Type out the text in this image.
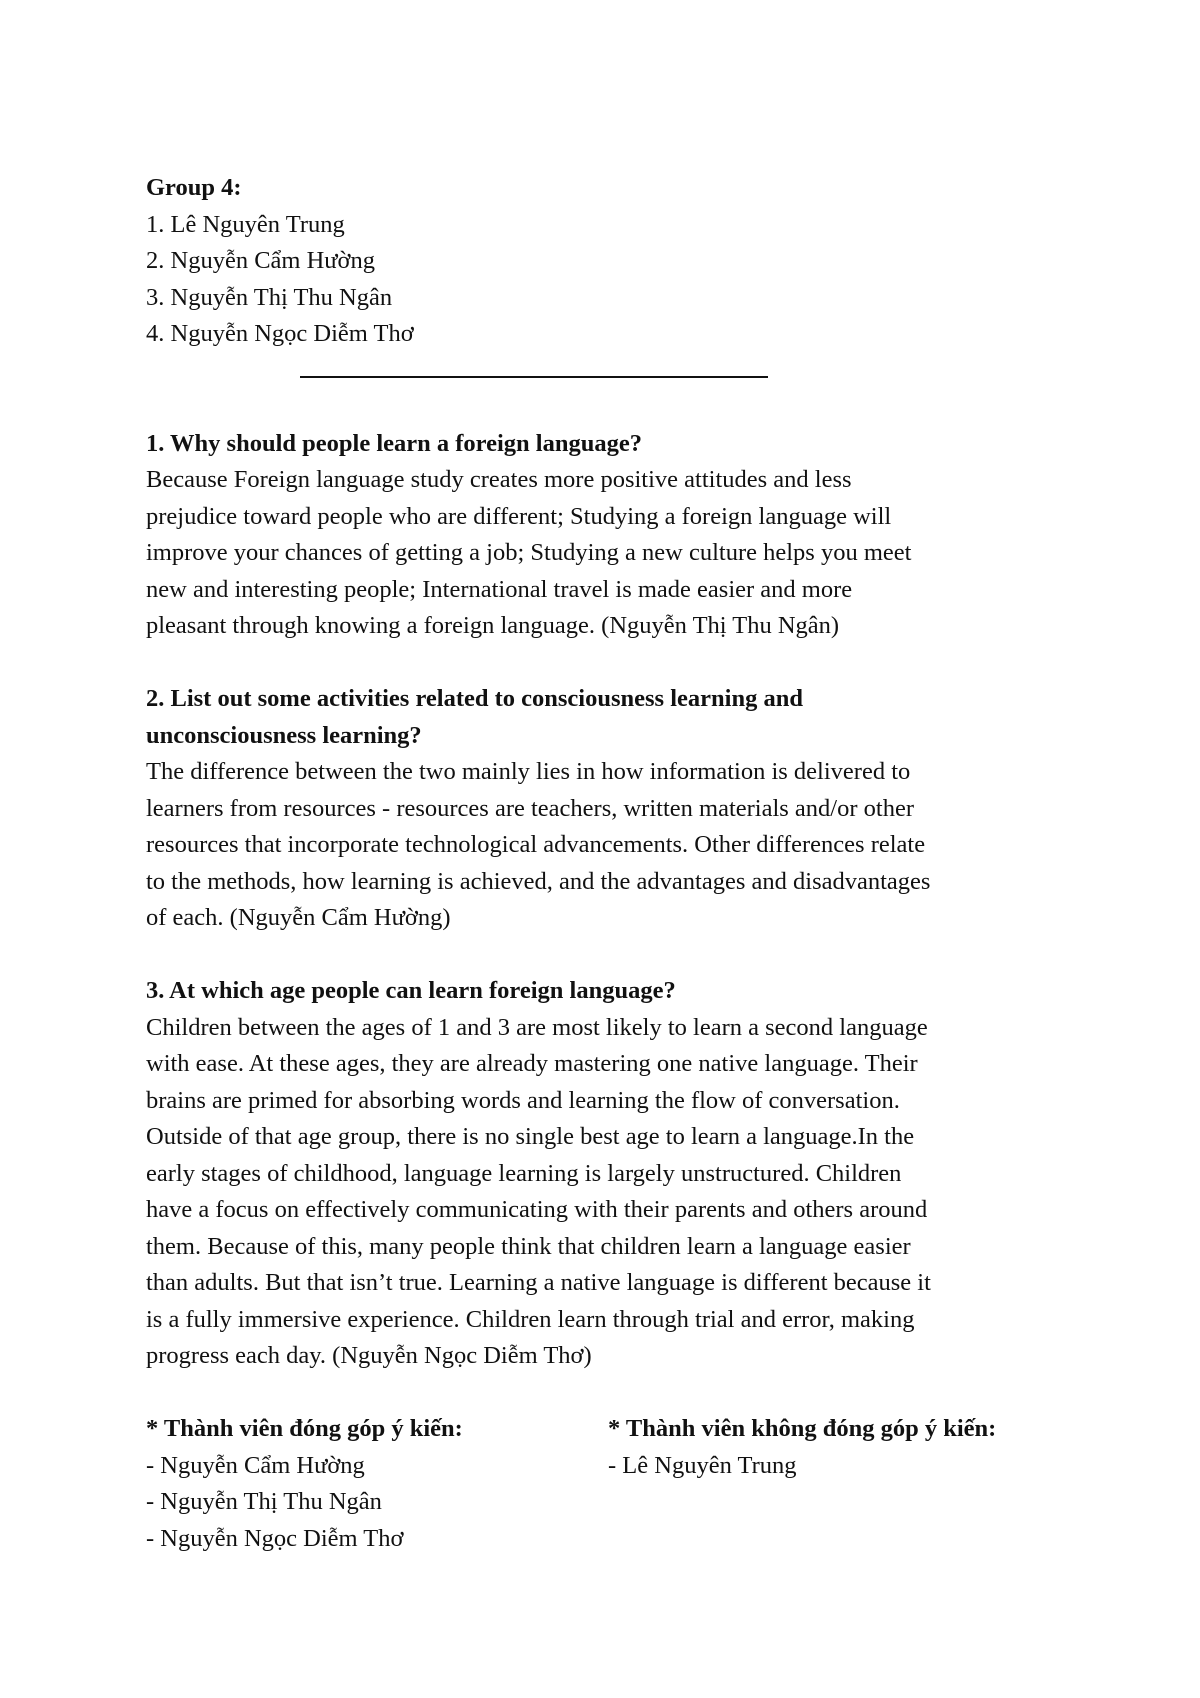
Group 4:
1. Lê Nguyên Trung
2. Nguyễn Cẩm Hường
3. Nguyễn Thị Thu Ngân
4. Nguyễn Ngọc Diễm Thơ
1. Why should people learn a foreign language?
Because Foreign language study creates more positive attitudes and less
prejudice toward people who are different; Studying a foreign language will
improve your chances of getting a job; Studying a new culture helps you meet
new and interesting people; International travel is made easier and more
pleasant through knowing a foreign language. (Nguyễn Thị Thu Ngân)
2. List out some activities related to consciousness learning and
unconsciousness learning?
The difference between the two mainly lies in how information is delivered to
learners from resources - resources are teachers, written materials and/or other
resources that incorporate technological advancements. Other differences relate
to the methods, how learning is achieved, and the advantages and disadvantages
of each. (Nguyễn Cẩm Hường)
3. At which age people can learn foreign language?
Children between the ages of 1 and 3 are most likely to learn a second language
with ease. At these ages, they are already mastering one native language. Their
brains are primed for absorbing words and learning the flow of conversation.
Outside of that age group, there is no single best age to learn a language.In the
early stages of childhood, language learning is largely unstructured. Children
have a focus on effectively communicating with their parents and others around
them. Because of this, many people think that children learn a language easier
than adults. But that isn’t true. Learning a native language is different because it
is a fully immersive experience. Children learn through trial and error, making
progress each day. (Nguyễn Ngọc Diễm Thơ)
* Thành viên đóng góp ý kiến:
- Nguyễn Cẩm Hường
- Nguyễn Thị Thu Ngân
- Nguyễn Ngọc Diễm Thơ
* Thành viên không đóng góp ý kiến:
- Lê Nguyên Trung
